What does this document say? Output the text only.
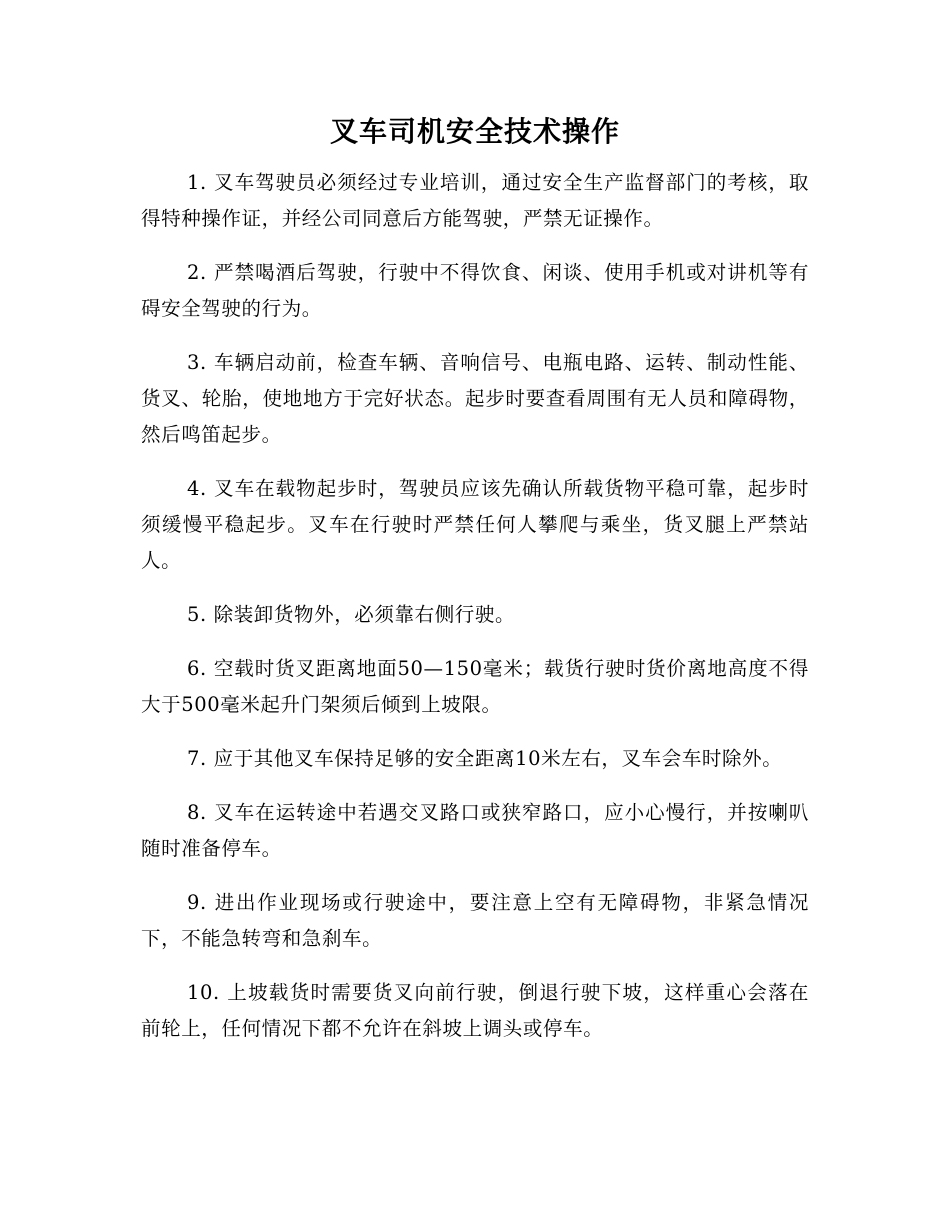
叉车司机安全技术操作

1. 叉车驾驶员必须经过专业培训，通过安全生产监督部门的考核，取得特种操作证，并经公司同意后方能驾驶，严禁无证操作。

2. 严禁喝酒后驾驶，行驶中不得饮食、闲谈、使用手机或对讲机等有碍安全驾驶的行为。

3. 车辆启动前，检查车辆、音响信号、电瓶电路、运转、制动性能、货叉、轮胎，使地地方于完好状态。起步时要查看周围有无人员和障碍物，然后鸣笛起步。

4. 叉车在载物起步时，驾驶员应该先确认所载货物平稳可靠，起步时须缓慢平稳起步。叉车在行驶时严禁任何人攀爬与乘坐，货叉腿上严禁站人。

5. 除装卸货物外，必须靠右侧行驶。

6. 空载时货叉距离地面50—150毫米；载货行驶时货价离地高度不得大于500毫米起升门架须后倾到上坡限。

7. 应于其他叉车保持足够的安全距离10米左右，叉车会车时除外。

8. 叉车在运转途中若遇交叉路口或狭窄路口，应小心慢行，并按喇叭随时准备停车。

9. 进出作业现场或行驶途中，要注意上空有无障碍物，非紧急情况下，不能急转弯和急刹车。

10. 上坡载货时需要货叉向前行驶，倒退行驶下坡，这样重心会落在前轮上，任何情况下都不允许在斜坡上调头或停车。
